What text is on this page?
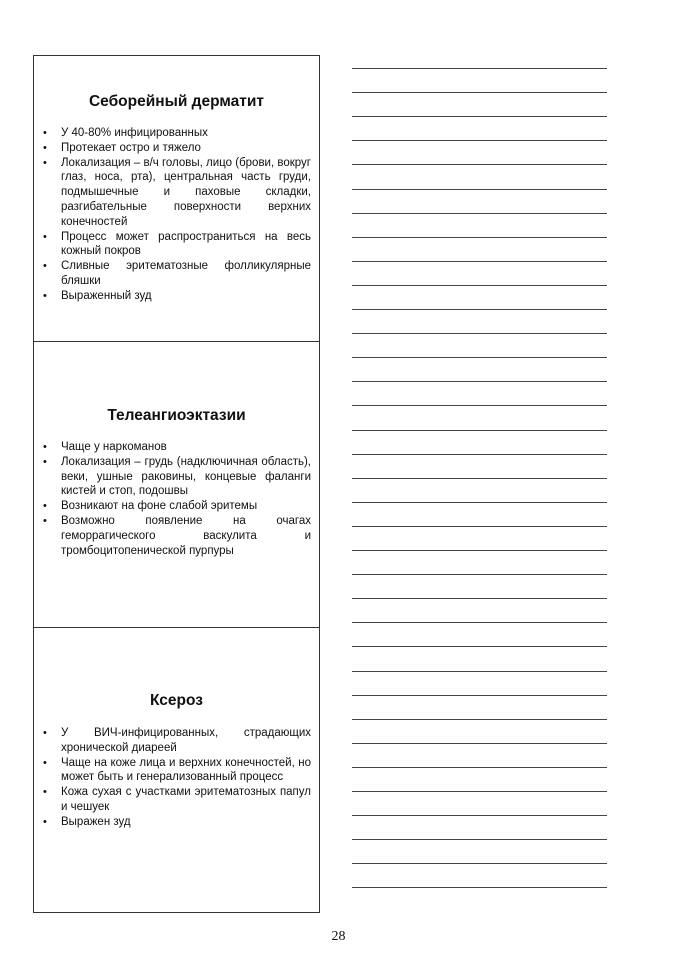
Себорейный дерматит
• У 40-80% инфицированных
• Протекает остро и тяжело
• Локализация – в/ч головы, лицо (брови, вокруг глаз, носа, рта), центральная часть груди, подмышечные и паховые складки, разгибательные поверхности верхних конечностей
• Процесс может распространиться на весь кожный покров
• Сливные эритематозные фолликулярные бляшки
• Выраженный зуд
Телеангиоэктазии
• Чаще у наркоманов
• Локализация – грудь (надключичная область), веки, ушные раковины, концевые фаланги кистей и стоп, подошвы
• Возникают на фоне слабой эритемы
• Возможно появление на очагах геморрагического васкулита и тромбоцитопенической пурпуры
Ксероз
• У ВИЧ-инфицированных, страдающих хронической диареей
• Чаще на коже лица и верхних конечностей, но может быть и генерализованный процесс
• Кожа сухая с участками эритематозных папул и чешуек
• Выражен зуд
28
